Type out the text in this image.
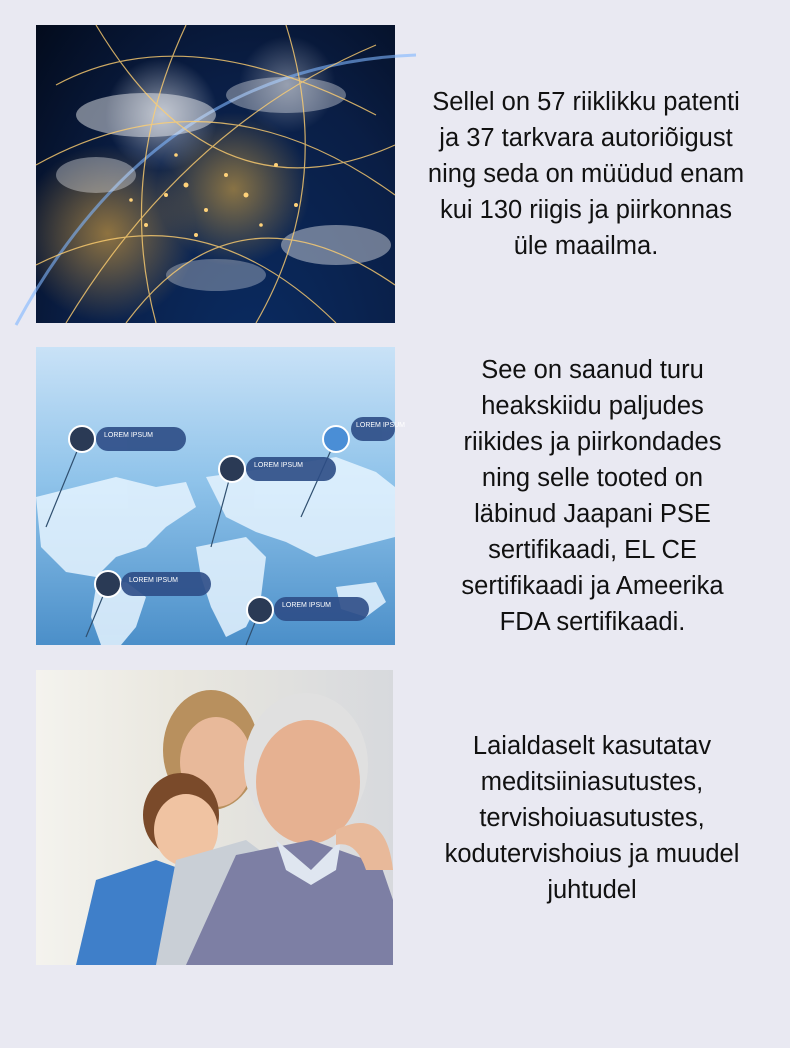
Sellel on 57 riiklikku patenti ja 37 tarkvara autoriõigust ning seda on müüdud enam kui 130 riigis ja piirkonnas üle maailma.
LOREM IPSUM
LOREM IPSUM
LOREM IPSUM
LOREM IPSUM
LOREM IPSUM
See on saanud turu heakskiidu paljudes riikides ja piirkondades ning selle tooted on läbinud Jaapani PSE sertifikaadi, EL CE sertifikaadi ja Ameerika FDA sertifikaadi.
Laialdaselt kasutatav meditsiiniasutustes, tervishoiuasutustes, kodutervishoius ja muudel juhtudel
